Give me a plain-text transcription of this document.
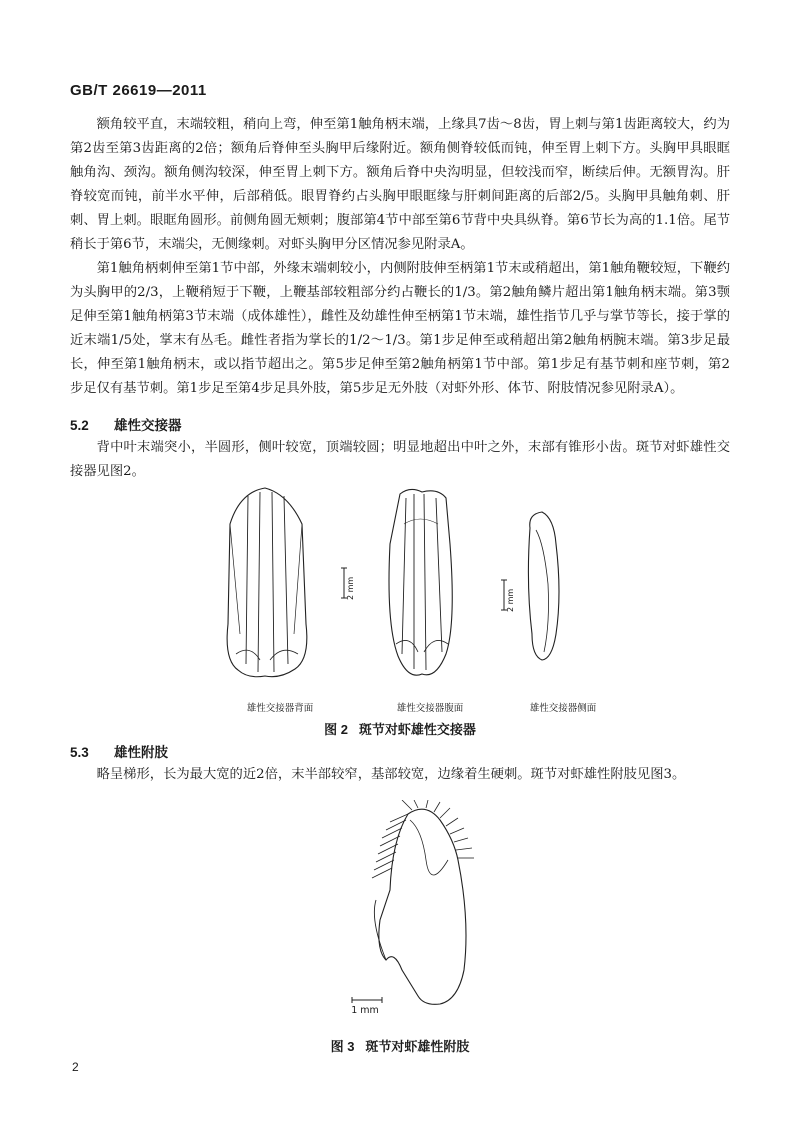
GB/T 26619—2011

额角较平直，末端较粗，稍向上弯，伸至第1触角柄末端，上缘具7齿～8齿，胃上刺与第1齿距离较大，约为第2齿至第3齿距离的2倍；额角后脊伸至头胸甲后缘附近。额角侧脊较低而钝，伸至胃上刺下方。头胸甲具眼眶触角沟、颈沟。额角侧沟较深，伸至胃上刺下方。额角后脊中央沟明显，但较浅而窄，断续后伸。无额胃沟。肝脊较宽而钝，前半水平伸，后部稍低。眼胃脊约占头胸甲眼眶缘与肝刺间距离的后部2/5。头胸甲具触角刺、肝刺、胃上刺。眼眶角圆形。前侧角圆无颊刺；腹部第4节中部至第6节背中央具纵脊。第6节长为高的1.1倍。尾节稍长于第6节，末端尖，无侧缘刺。对虾头胸甲分区情况参见附录A。

第1触角柄刺伸至第1节中部，外缘末端刺较小，内侧附肢伸至柄第1节末或稍超出，第1触角鞭较短，下鞭约为头胸甲的2/3，上鞭稍短于下鞭，上鞭基部较粗部分约占鞭长的1/3。第2触角鳞片超出第1触角柄末端。第3颚足伸至第1触角柄第3节末端（成体雄性），雌性及幼雄性伸至柄第1节末端，雄性指节几乎与掌节等长，接于掌的近末端1/5处，掌末有丛毛。雌性者指为掌长的1/2～1/3。第1步足伸至或稍超出第2触角柄腕末端。第3步足最长，伸至第1触角柄末，或以指节超出之。第5步足伸至第2触角柄第1节中部。第1步足有基节刺和座节刺，第2步足仅有基节刺。第1步足至第4步足具外肢，第5步足无外肢（对虾外形、体节、附肢情况参见附录A）。

5.2 雄性交接器

背中叶末端突小，半圆形，侧叶较宽，顶端较圆；明显地超出中叶之外，末部有锥形小齿。斑节对虾雄性交接器见图2。

2 mm
2 mm
雄性交接器背面	雄性交接器腹面	雄性交接器侧面
图 2   斑节对虾雄性交接器
5.3 雄性附肢

略呈梯形，长为最大宽的近2倍，末半部较窄，基部较宽，边缘着生硬刺。斑节对虾雄性附肢见图3。

1 mm
图 3   斑节对虾雄性附肢
2
